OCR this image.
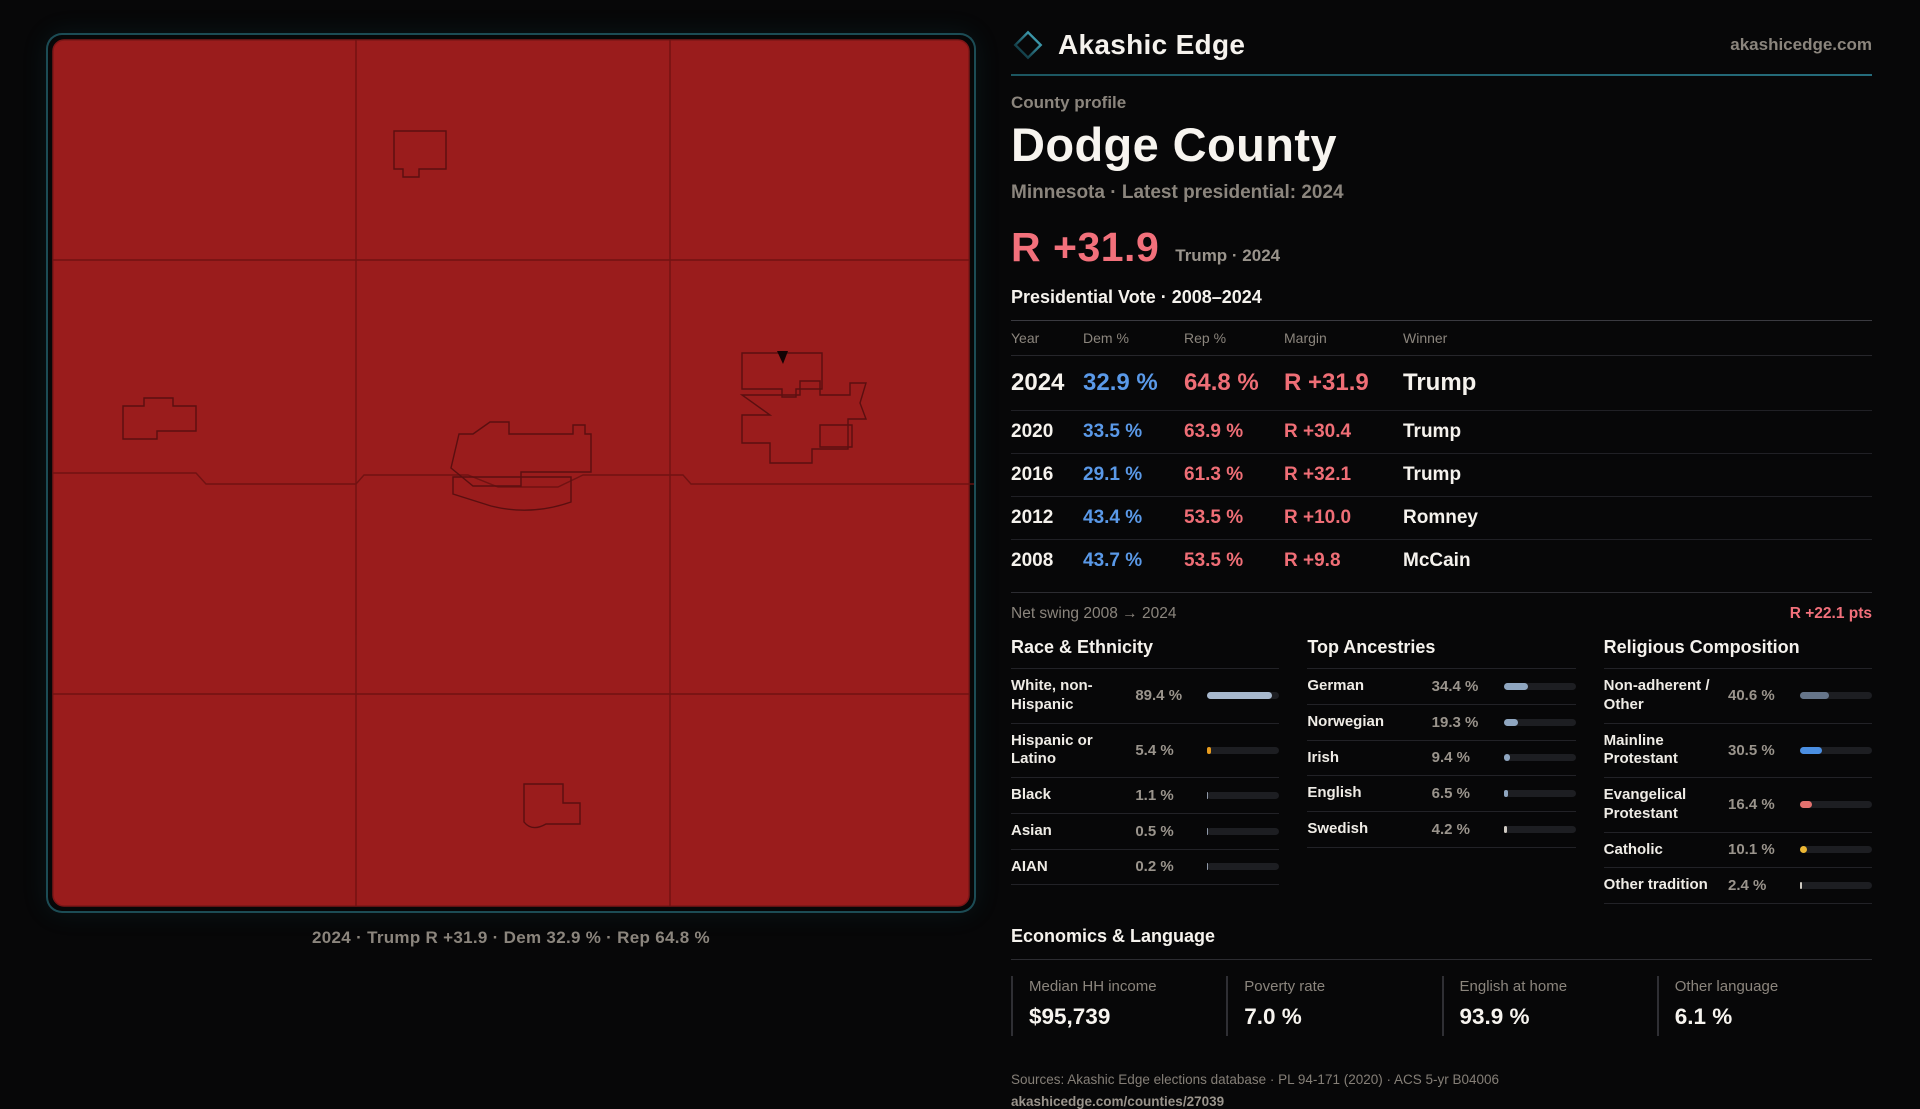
2024 · Trump R +31.9 · Dem 32.9 % · Rep 64.8 %
Akashic Edge	akashicedge.com
County profile
Dodge County
Minnesota · Latest presidential: 2024
R +31.9 Trump · 2024
Presidential Vote · 2008–2024
Year	Dem %	Rep %	Margin	Winner
2024 32.9 %	64.8 %	R +31.9	Trump
2020	33.5 %	63.9 %	R +30.4	Trump
2016	29.1 %	61.3 %	R +32.1	Trump
2012	43.4 %	53.5 %	R +10.0	Romney
2008	43.7 %	53.5 %	R +9.8	McCain
Net swing 2008 → 2024	R +22.1 pts
Race & Ethnicity
White, non-Hispanic	89.4 %
Hispanic or Latino	5.4 %
Black	1.1 %
Asian	0.5 %
AIAN	0.2 %
Top Ancestries
German	34.4 %
Norwegian	19.3 %
Irish	9.4 %
English	6.5 %
Swedish	4.2 %
Religious Composition
Non-adherent / Other	40.6 %
Mainline Protestant	30.5 %
Evangelical Protestant	16.4 %
Catholic	10.1 %
Other tradition	2.4 %
Economics & Language
Median HH income
$95,739
Poverty rate
7.0 %
English at home
93.9 %
Other language
6.1 %
Sources: Akashic Edge elections database · PL 94-171 (2020) · ACS 5-yr B04006
akashicedge.com/counties/27039
